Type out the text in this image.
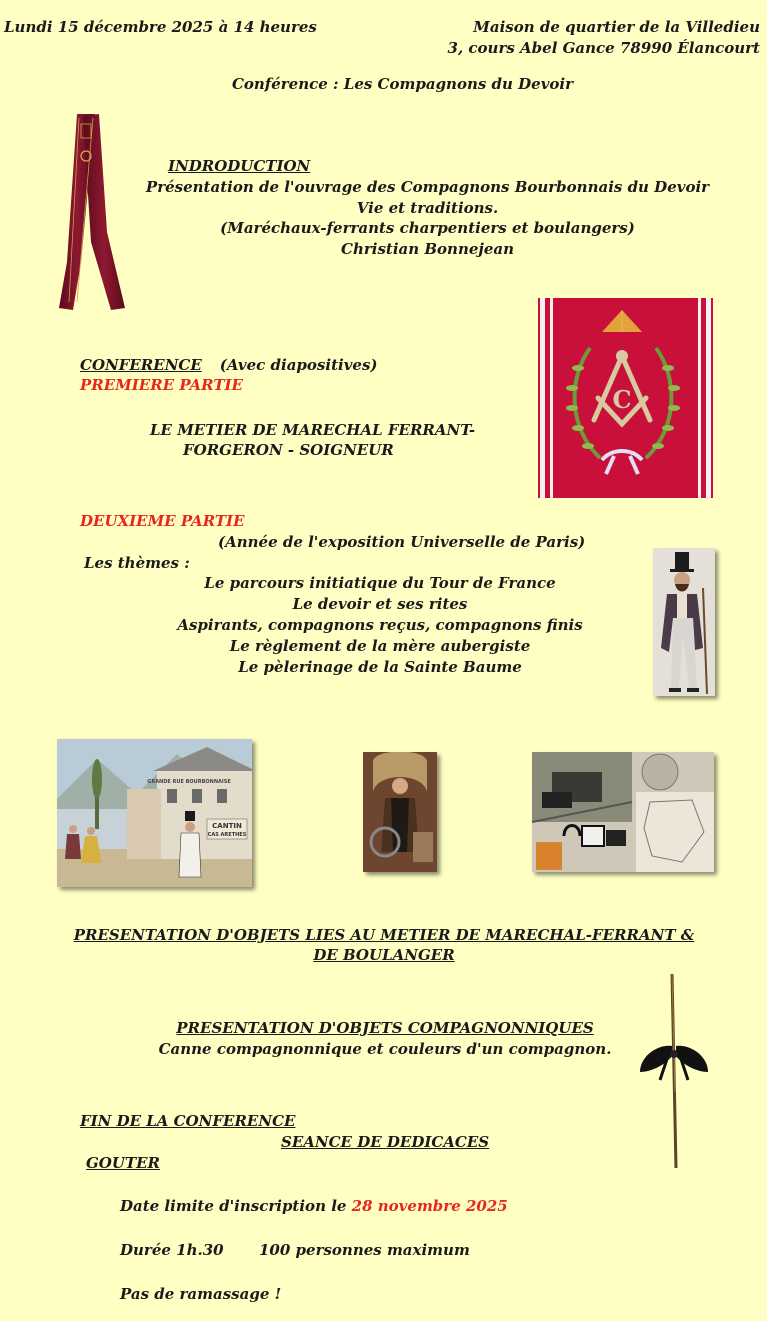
Lundi 15 décembre 2025 à 14 heures	Maison de quartier de la Villedieu
3, cours Abel Gance 78990 Élancourt
Conférence : Les Compagnons du Devoir
INDRODUCTION
Présentation de l'ouvrage des Compagnons Bourbonnais du Devoir
Vie et traditions.
(Maréchaux-ferrants charpentiers et boulangers)
Christian Bonnejean
C
CONFERENCE (Avec diapositives)
PREMIERE PARTIE
LE METIER DE MARECHAL FERRANT-
FORGERON - SOIGNEUR
DEUXIEME PARTIE
(Année de l'exposition Universelle de Paris)
Les thèmes :
Le parcours initiatique du Tour de France
Le devoir et ses rites
Aspirants, compagnons reçus, compagnons finis
Le règlement de la mère aubergiste
Le pèlerinage de la Sainte Baume
CANTIN
CAS ARETHES
GRANDE RUE BOURBONNAISE
PRESENTATION D'OBJETS LIES AU METIER DE MARECHAL-FERRANT &
DE BOULANGER
PRESENTATION D'OBJETS COMPAGNONNIQUES
Canne compagnonnique et couleurs d'un compagnon.
FIN DE LA CONFERENCE
SEANCE DE DEDICACES
GOUTER
Date limite d'inscription le 28 novembre 2025
Durée 1h.30 100 personnes maximum
Pas de ramassage !
